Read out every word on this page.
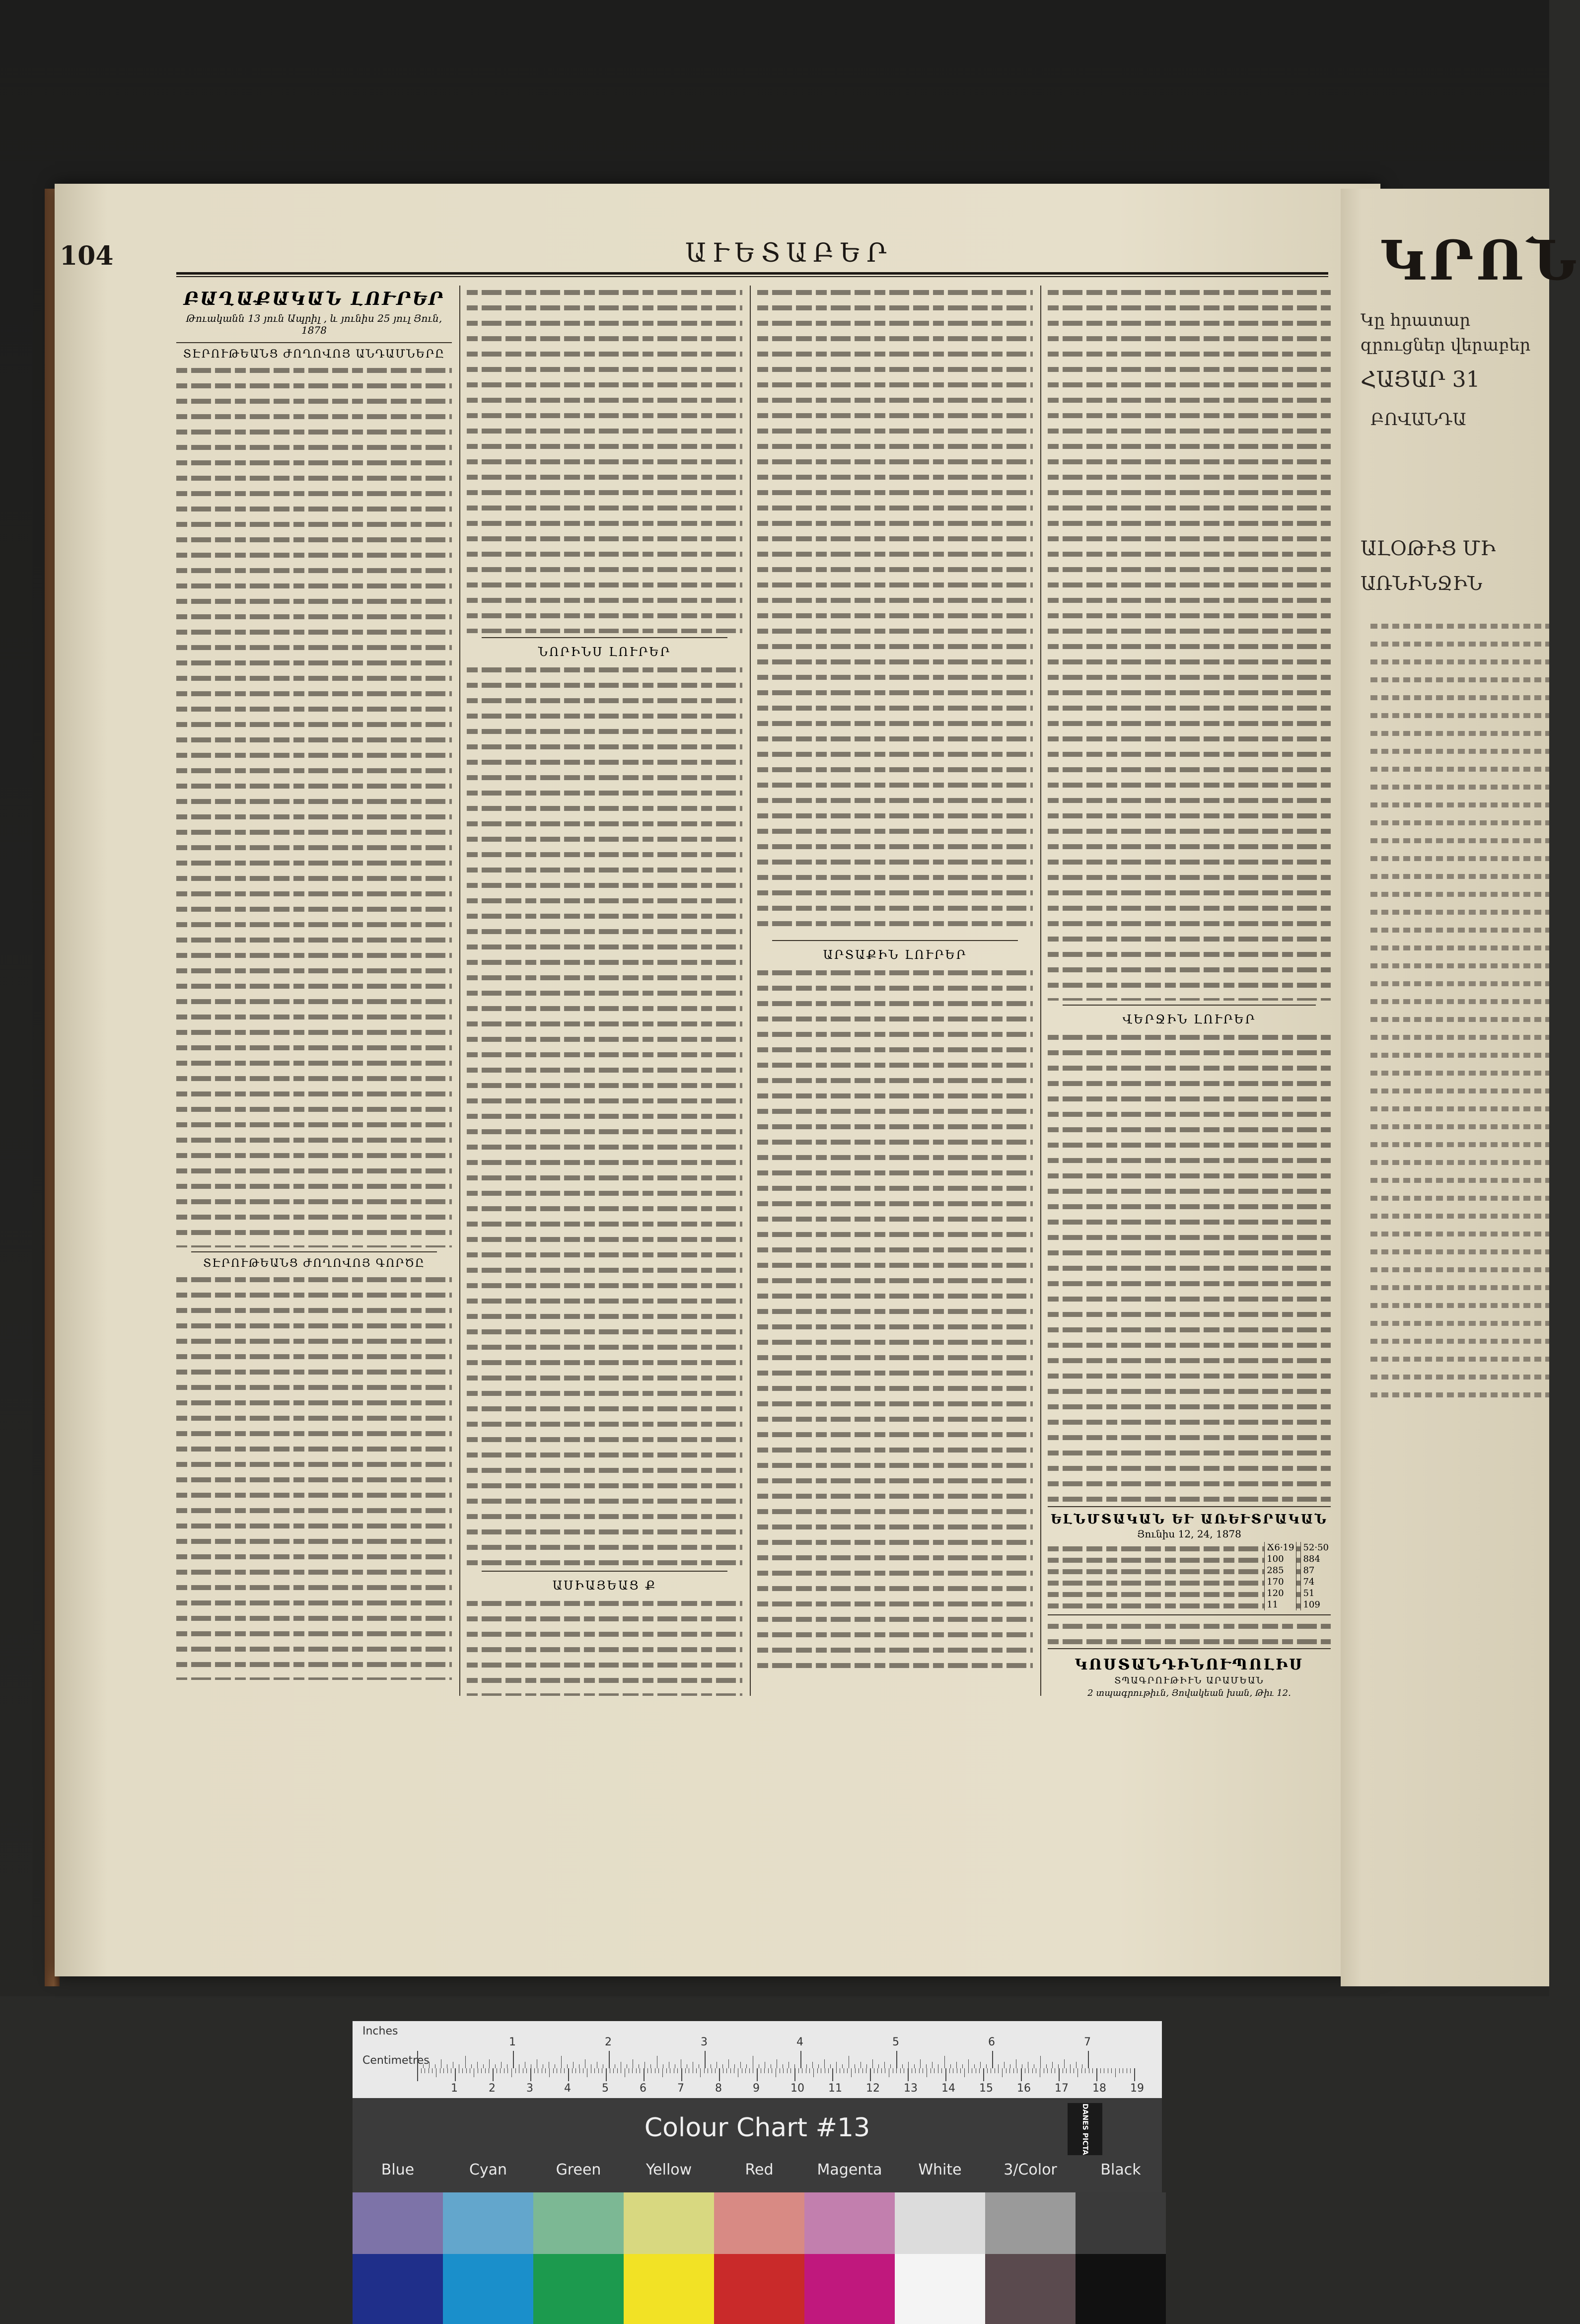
Կը հրատար
զրուցներ վերաբեր
ԿՐՈՆ
ՀԱՅԱՐ 31
ԲՈՎԱՆԴԱ
ԱԼՕԹԻՑ ՄԻ
ԱՌՆԻՆՋԻՆ
104	ԱՒԵՏԱԲԵՐ
ԲԱՂԱՔԱԿԱՆ ԼՈՒՐԵՐ
Թուականն 13 յուն Ապրիլ , և յունիս 25 յուլ Յուն, 1878
ՏԷՐՈՒԹԵԱՆՑ ԺՈՂՈՎՈՅ ԱՆԴԱՄՆԵՐԸ
ՏԷՐՈՒԹԵԱՆՑ ԺՈՂՈՎՈՅ ԳՈՐԾԸ
ՆՈՐԻՆՍ ԼՈՒՐԵՐ
ԱՍԻԱՅԵԱՑ Ք
ԱՐՏԱՔԻՆ ԼՈՒՐԵՐ
ՎԵՐՋԻՆ ԼՈՒՐԵՐ
ԵԼՆՄՏԱԿԱՆ ԵՒ ԱՌԵՒՏՐԱԿԱՆ
Յունիս 12, 24, 1878
	Ճ6·19		52·50
	100		884
	285		87
	170		74
	120		51
	11		109
ԿՈՍՏԱՆԴԻՆՈՒՊՈԼԻՍ
ՏՊԱԳՐՈՒԹԻՒՆ ԱՐԱՄԵԱՆ
2 տպագրութիւն, Յովակեան խան, Թիւ 12.
Inches
1	2	3	4	5	6	7
Centimetres
1	2	3	4	5	6	7	8	9	10 11 12 13 14 15 16 17 18 19
Colour Chart #13	DANES PICTA
Blue	Cyan	Green	Yellow	Red	Magenta	White	3/Color	Black
